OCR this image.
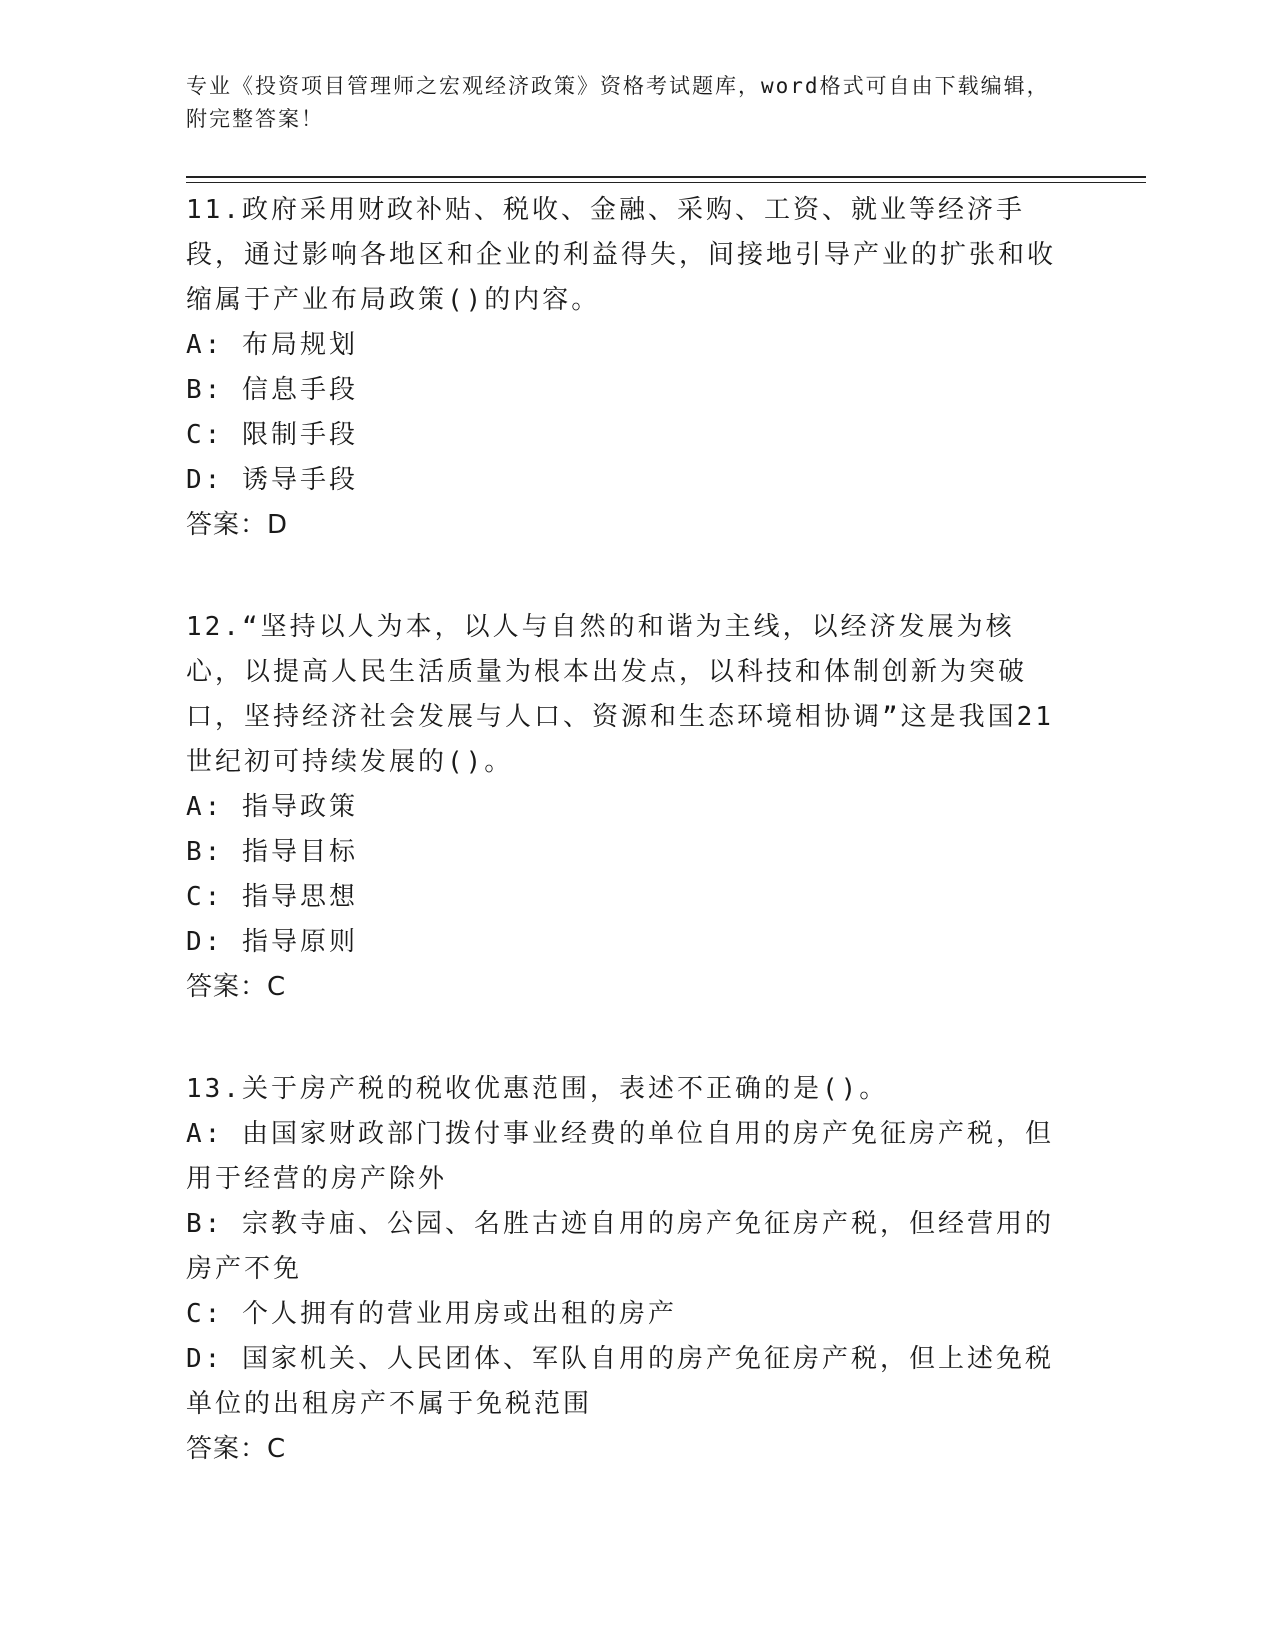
专业《投资项目管理师之宏观经济政策》资格考试题库，word格式可自由下载编辑，附完整答案！
11.政府采用财政补贴、税收、金融、采购、工资、就业等经济手段，通过影响各地区和企业的利益得失，间接地引导产业的扩张和收缩属于产业布局政策()的内容。
A: 布局规划
B: 信息手段
C: 限制手段
D: 诱导手段
答案：D
12.“坚持以人为本，以人与自然的和谐为主线，以经济发展为核心，以提高人民生活质量为根本出发点，以科技和体制创新为突破口，坚持经济社会发展与人口、资源和生态环境相协调”这是我国21世纪初可持续发展的()。
A: 指导政策
B: 指导目标
C: 指导思想
D: 指导原则
答案：C
13.关于房产税的税收优惠范围，表述不正确的是()。
A: 由国家财政部门拨付事业经费的单位自用的房产免征房产税，但用于经营的房产除外
B: 宗教寺庙、公园、名胜古迹自用的房产免征房产税，但经营用的房产不免
C: 个人拥有的营业用房或出租的房产
D: 国家机关、人民团体、军队自用的房产免征房产税，但上述免税单位的出租房产不属于免税范围
答案：C
